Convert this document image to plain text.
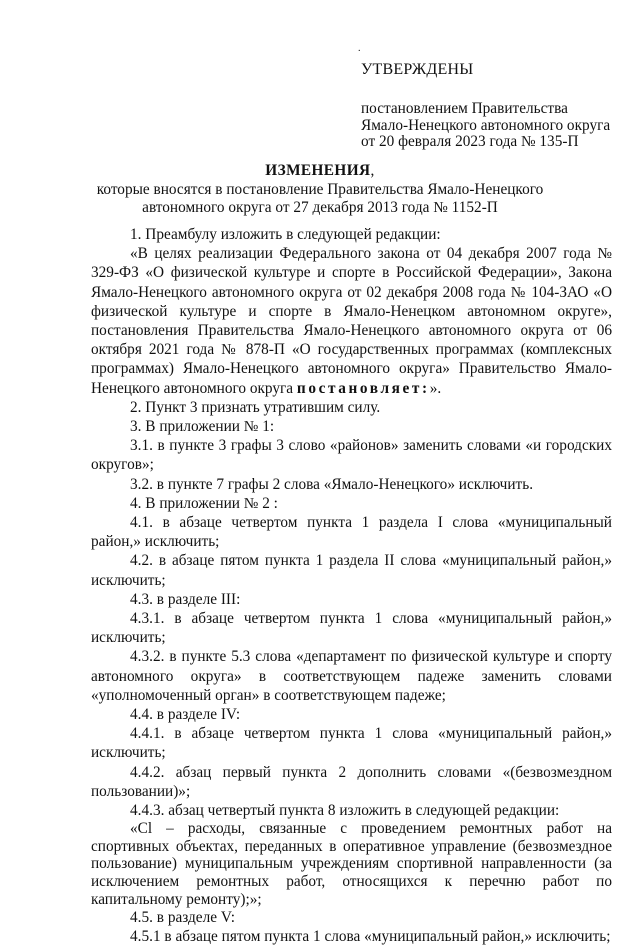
.
УТВЕРЖДЕНЫ
постановлением Правительства
Ямало-Ненецкого автономного округа
от 20 февраля 2023 года № 135-П
ИЗМЕНЕНИЯ,
которые вносятся в постановление Правительства Ямало-Ненецкого автономного округа от 27 декабря 2013 года № 1152-П

1. Преамбулу изложить в следующей редакции:

«В целях реализации Федерального закона от 04 декабря 2007 года № 329-ФЗ «О физической культуре и спорте в Российской Федерации», Закона Ямало-Ненецкого автономного округа от 02 декабря 2008 года № 104-ЗАО «О физической культуре и спорте в Ямало-Ненецком автономном округе», постановления Правительства Ямало-Ненецкого автономного округа от 06 октября 2021 года № 878-П «О государственных программах (комплексных программах) Ямало-Ненецкого автономного округа» Правительство Ямало-Ненецкого автономного округа постановляет:».

2. Пункт 3 признать утратившим силу.

3. В приложении № 1:

3.1. в пункте 3 графы 3 слово «районов» заменить словами «и городских округов»;

3.2. в пункте 7 графы 2 слова «Ямало-Ненецкого» исключить.

4. В приложении № 2 :

4.1. в абзаце четвертом пункта 1 раздела I слова «муниципальный район,» исключить;

4.2. в абзаце пятом пункта 1 раздела II слова «муниципальный район,» исключить;

4.3. в разделе III:

4.3.1. в абзаце четвертом пункта 1 слова «муниципальный район,» исключить;

4.3.2. в пункте 5.3 слова «департамент по физической культуре и спорту автономного округа» в соответствующем падеже заменить словами «уполномоченный орган» в соответствующем падеже;

4.4. в разделе IV:

4.4.1. в абзаце четвертом пункта 1 слова «муниципальный район,» исключить;

4.4.2. абзац первый пункта 2 дополнить словами «(безвозмездном пользовании)»;

4.4.3. абзац четвертый пункта 8 изложить в следующей редакции:

«Сl – расходы, связанные с проведением ремонтных работ на спортивных объектах, переданных в оперативное управление (безвозмездное пользование) муниципальным учреждениям спортивной направленности (за исключением ремонтных работ, относящихся к перечню работ по капитальному ремонту);»;

4.5. в разделе V:

4.5.1 в абзаце пятом пункта 1 слова «муниципальный район,» исключить;
